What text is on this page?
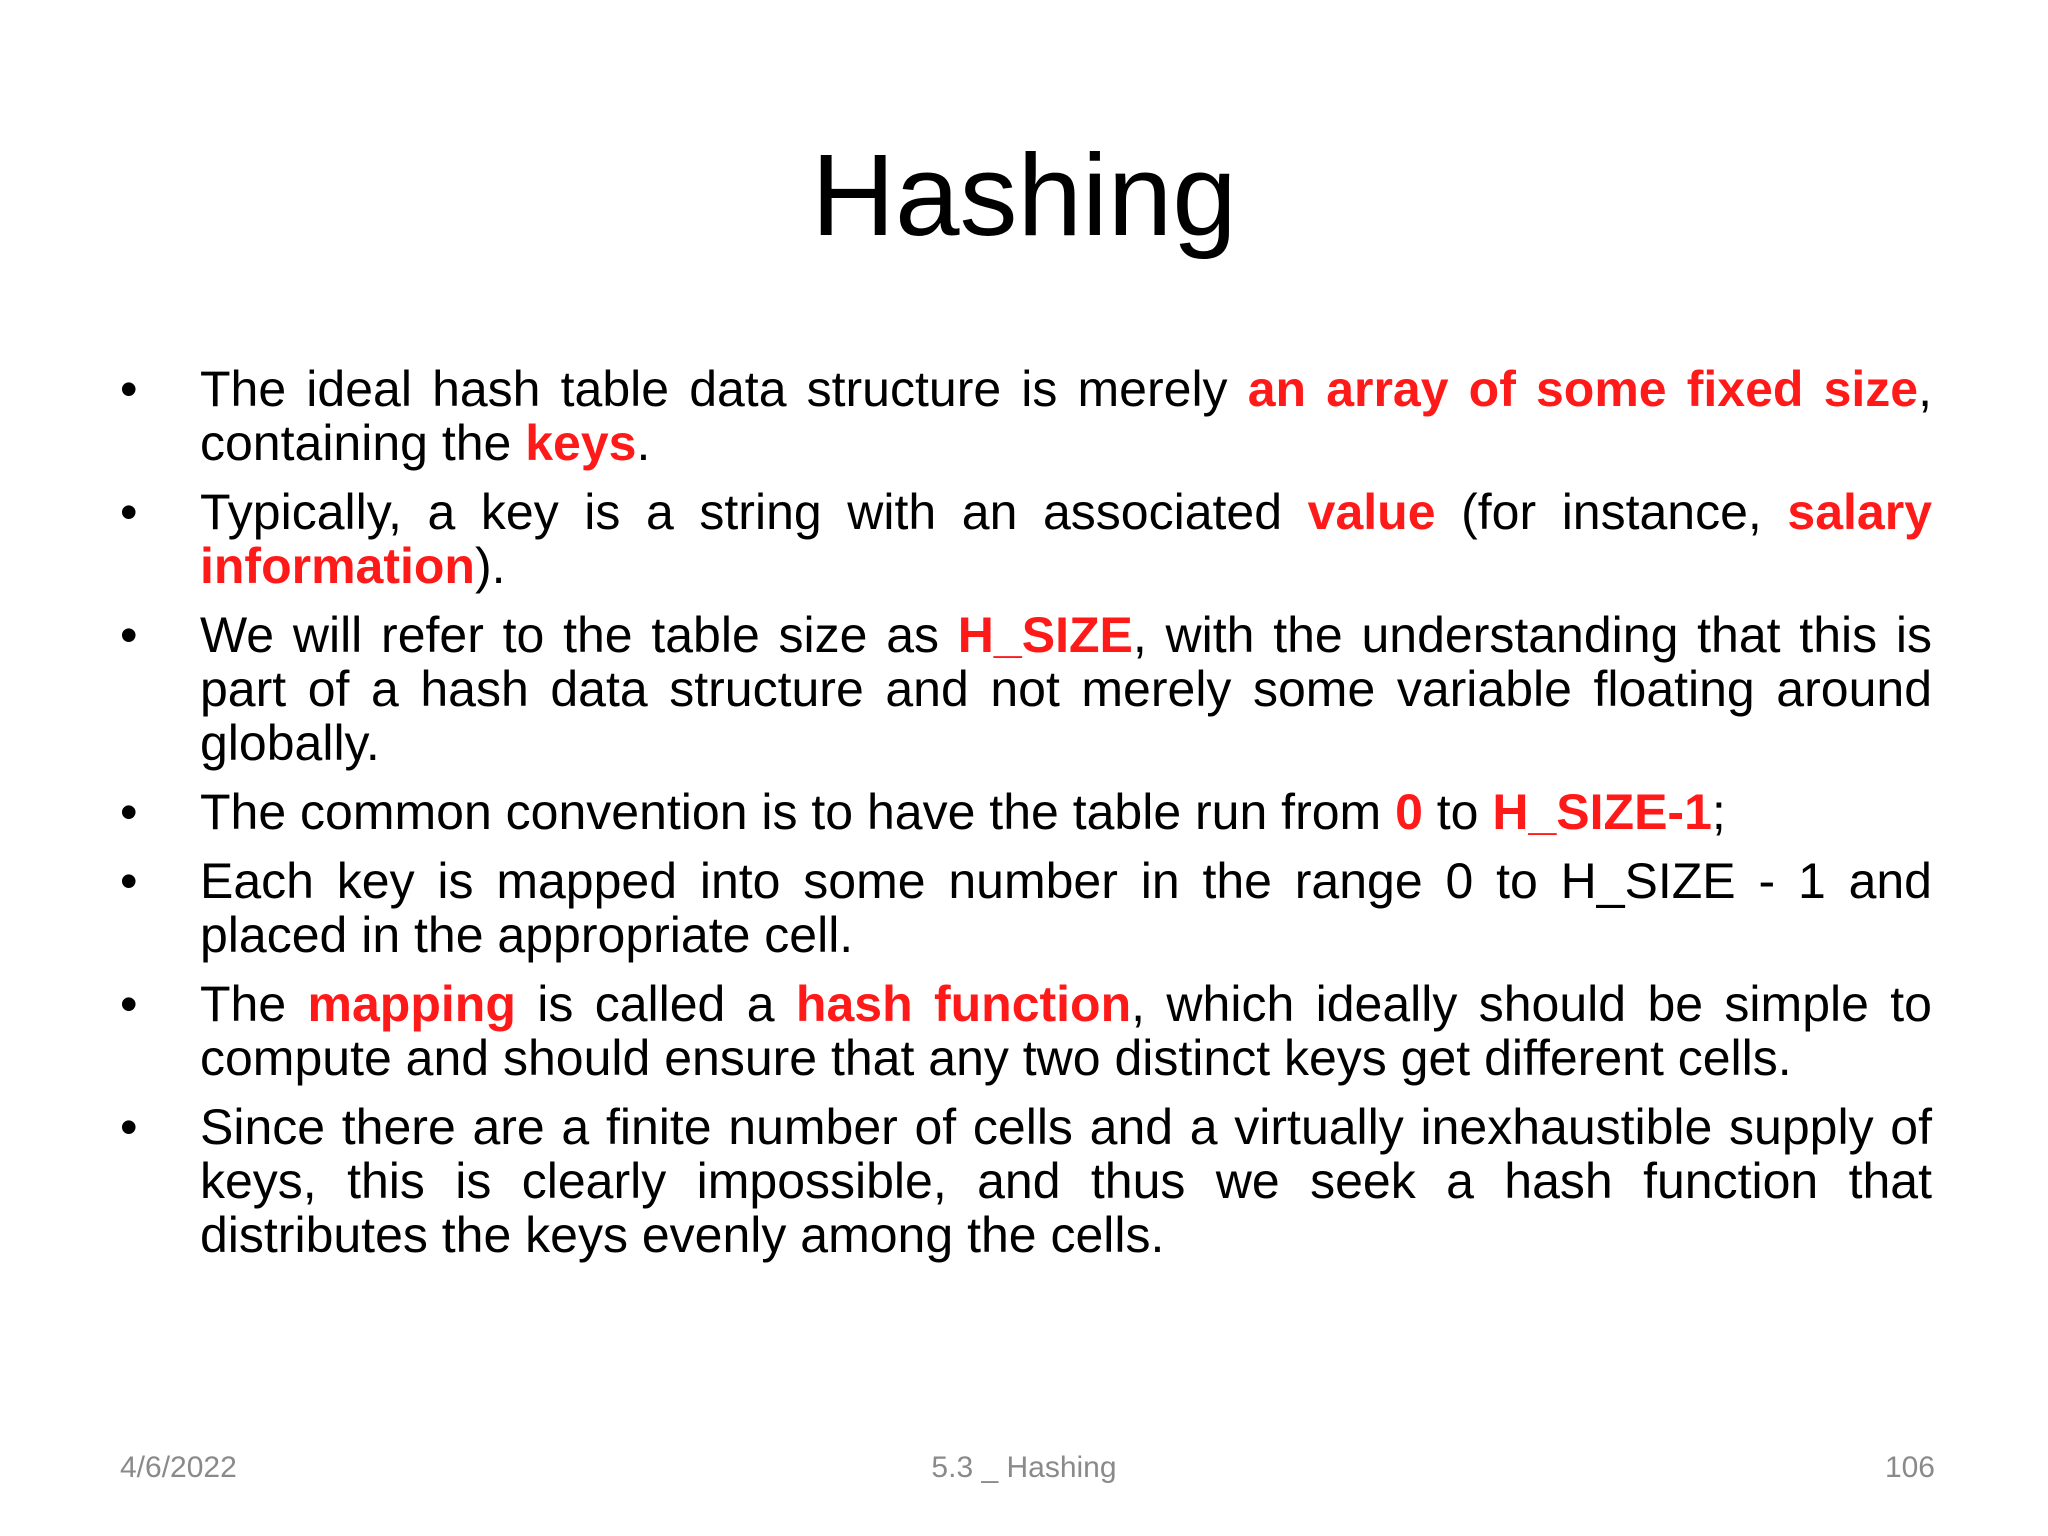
Hashing
•	The ideal hash table data structure is merely an array of some fixed size, containing the keys.
•	Typically, a key is a string with an associated value (for instance, salary information).
•	We will refer to the table size as H_SIZE, with the understanding that this is part of a hash data structure and not merely some variable floating around globally.
•	The common convention is to have the table run from 0 to H_SIZE-1;
•	Each key is mapped into some number in the range 0 to H_SIZE - 1 and placed in the appropriate cell.
•	The mapping is called a hash function, which ideally should be simple to compute and should ensure that any two distinct keys get different cells.
•	Since there are a finite number of cells and a virtually inexhaustible supply of keys, this is clearly impossible, and thus we seek a hash function that distributes the keys evenly among the cells.
4/6/2022	5.3 _ Hashing	106
